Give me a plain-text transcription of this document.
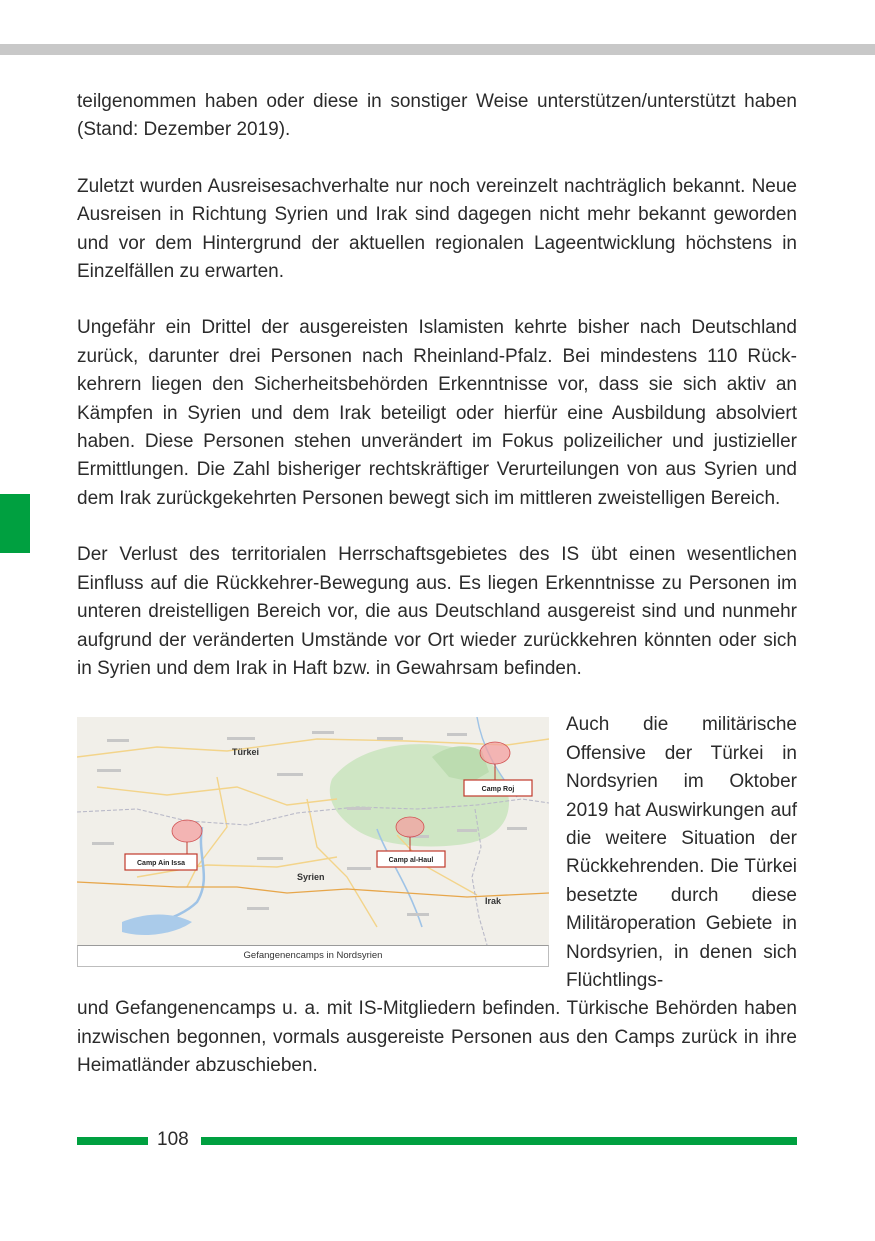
teilgenommen haben oder diese in sonstiger Weise unterstützen/unterstützt haben (Stand: Dezember 2019).

Zuletzt wurden Ausreisesachverhalte nur noch vereinzelt nachträglich bekannt. Neue Ausreisen in Richtung Syrien und Irak sind dagegen nicht mehr bekannt geworden und vor dem Hintergrund der aktuellen regionalen Lageentwicklung höchstens in Einzelfällen zu erwarten.

Ungefähr ein Drittel der ausgereisten Islamisten kehrte bisher nach Deutschland zurück, darunter drei Personen nach Rheinland-Pfalz. Bei mindestens 110 Rückkehrern liegen den Sicherheitsbehörden Erkenntnisse vor, dass sie sich aktiv an Kämpfen in Syrien und dem Irak beteiligt oder hierfür eine Ausbildung absolviert haben. Diese Personen stehen unverändert im Fokus polizeilicher und justizieller Ermittlungen. Die Zahl bisheriger rechtskräftiger Verurteilungen von aus Syrien und dem Irak zurückgekehrten Personen bewegt sich im mittleren zweistelligen Bereich.

Der Verlust des territorialen Herrschaftsgebietes des IS übt einen wesentlichen Einfluss auf die Rückkehrer-Bewegung aus. Es liegen Erkenntnisse zu Personen im unteren dreistelligen Bereich vor, die aus Deutschland ausgereist sind und nunmehr aufgrund der veränderten Umstände vor Ort wieder zurückkehren könnten oder sich in Syrien und dem Irak in Haft bzw. in Gewahrsam befinden.

Türkei
Syrien
Irak
Camp Roj
Camp al-Haul
Camp Ain Issa
Gefangenencamps in Nordsyrien

Auch die militärische Offensive der Türkei in Nordsyrien im Oktober 2019 hat Auswirkungen auf die weitere Situation der Rückkehrenden. Die Türkei besetzte durch diese Militäroperation Gebiete in Nordsyrien, in denen sich Flüchtlings-

und Gefangenencamps u. a. mit IS-Mitgliedern befinden. Türkische Behörden haben inzwischen begonnen, vormals ausgereiste Personen aus den Camps zurück in ihre Heimatländer abzuschieben.

108
